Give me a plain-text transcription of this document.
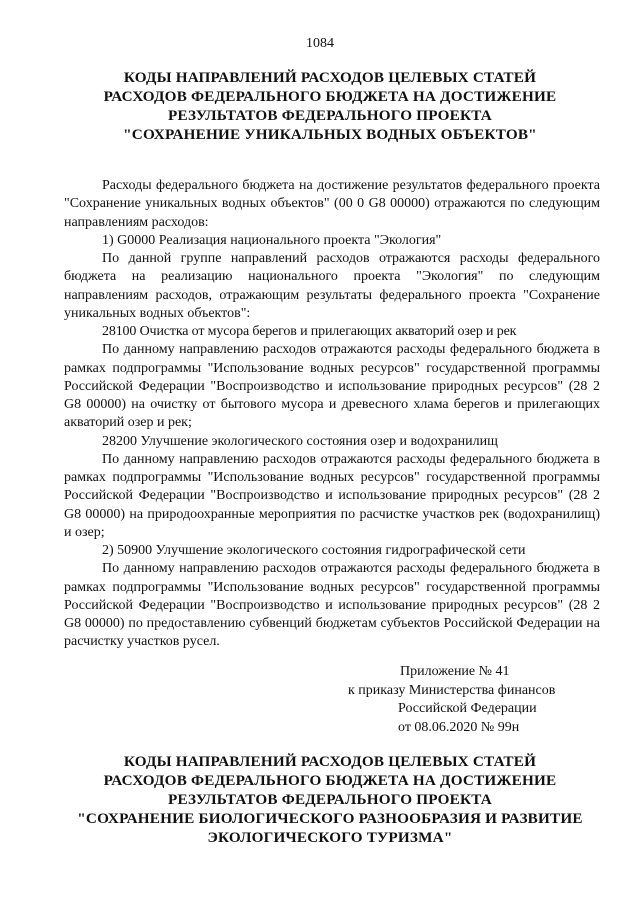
1084
КОДЫ НАПРАВЛЕНИЙ РАСХОДОВ ЦЕЛЕВЫХ СТАТЕЙ
РАСХОДОВ ФЕДЕРАЛЬНОГО БЮДЖЕТА НА ДОСТИЖЕНИЕ
РЕЗУЛЬТАТОВ ФЕДЕРАЛЬНОГО ПРОЕКТА
"СОХРАНЕНИЕ УНИКАЛЬНЫХ ВОДНЫХ ОБЪЕКТОВ"

Расходы федерального бюджета на достижение результатов федерального проекта "Сохранение уникальных водных объектов" (00 0 G8 00000) отражаются по следующим направлениям расходов:

1) G0000 Реализация национального проекта "Экология"

По данной группе направлений расходов отражаются расходы федерального бюджета на реализацию национального проекта "Экология" по следующим направлениям расходов, отражающим результаты федерального проекта "Сохранение уникальных водных объектов":

28100 Очистка от мусора берегов и прилегающих акваторий озер и рек

По данному направлению расходов отражаются расходы федерального бюджета в рамках подпрограммы "Использование водных ресурсов" государственной программы Российской Федерации "Воспроизводство и использование природных ресурсов" (28 2 G8 00000) на очистку от бытового мусора и древесного хлама берегов и прилегающих акваторий озер и рек;

28200 Улучшение экологического состояния озер и водохранилищ

По данному направлению расходов отражаются расходы федерального бюджета в рамках подпрограммы "Использование водных ресурсов" государственной программы Российской Федерации "Воспроизводство и использование природных ресурсов" (28 2 G8 00000) на природоохранные мероприятия по расчистке участков рек (водохранилищ) и озер;

2) 50900 Улучшение экологического состояния гидрографической сети

По данному направлению расходов отражаются расходы федерального бюджета в рамках подпрограммы "Использование водных ресурсов" государственной программы Российской Федерации "Воспроизводство и использование природных ресурсов" (28 2 G8 00000) по предоставлению субвенций бюджетам субъектов Российской Федерации на расчистку участков русел.

Приложение № 41
к приказу Министерства финансов
Российской Федерации
от 08.06.2020 № 99н
КОДЫ НАПРАВЛЕНИЙ РАСХОДОВ ЦЕЛЕВЫХ СТАТЕЙ
РАСХОДОВ ФЕДЕРАЛЬНОГО БЮДЖЕТА НА ДОСТИЖЕНИЕ
РЕЗУЛЬТАТОВ ФЕДЕРАЛЬНОГО ПРОЕКТА
"СОХРАНЕНИЕ БИОЛОГИЧЕСКОГО РАЗНООБРАЗИЯ И РАЗВИТИЕ
ЭКОЛОГИЧЕСКОГО ТУРИЗМА"
